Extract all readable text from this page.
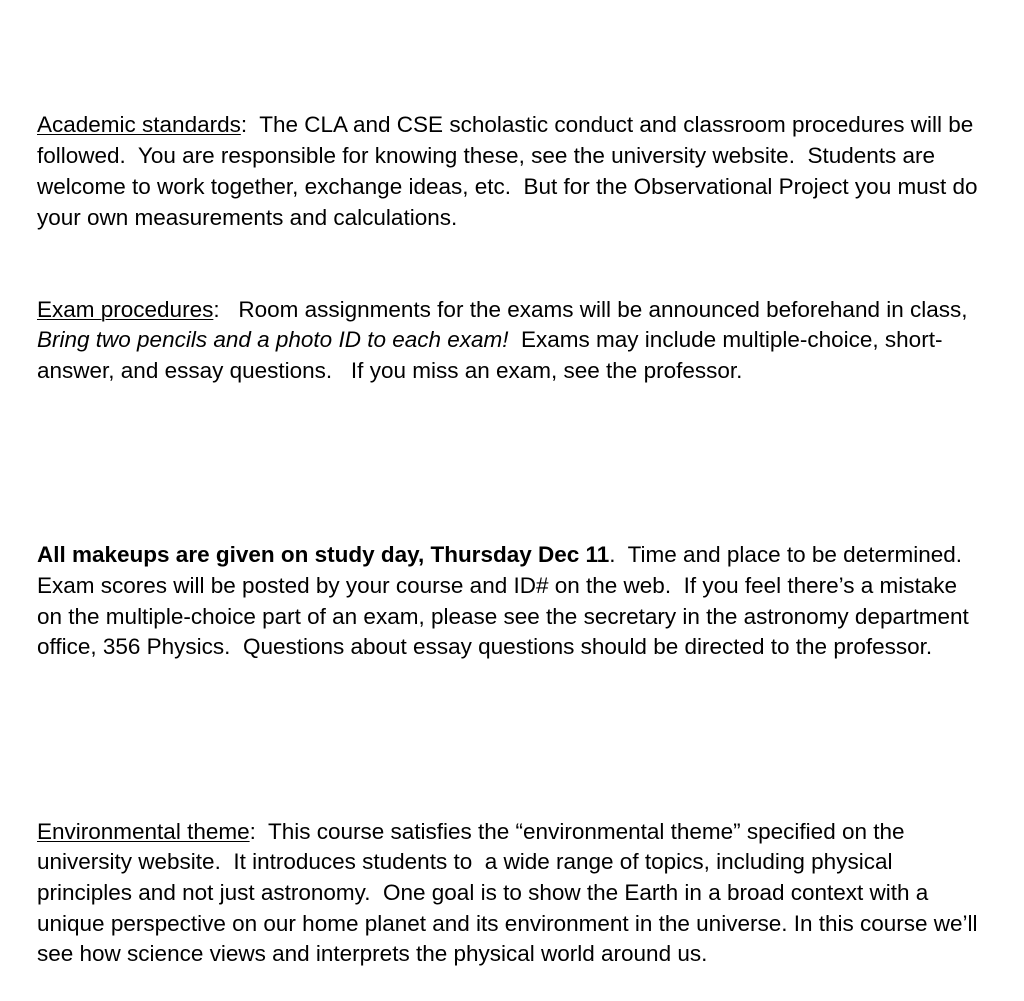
Academic standards:  The CLA and CSE scholastic conduct and classroom procedures will be followed.  You are responsible for knowing these, see the university website.  Students are welcome to work together, exchange ideas, etc.  But for the Observational Project you must do your own measurements and calculations.

Exam procedures:   Room assignments for the exams will be announced beforehand in class, Bring two pencils and a photo ID to each exam!  Exams may include multiple-choice, short- answer, and essay questions.   If you miss an exam, see the professor.

All makeups are given on study day, Thursday Dec 11.  Time and place to be determined. Exam scores will be posted by your course and ID# on the web.  If you feel there’s a mistake on the multiple-choice part of an exam, please see the secretary in the astronomy department office, 356 Physics.  Questions about essay questions should be directed to the professor.

Environmental theme:  This course satisfies the “environmental theme” specified on the university website.  It introduces students to  a wide range of topics, including physical principles and not just astronomy.  One goal is to show the Earth in a broad context with a unique perspective on our home planet and its environment in the universe. In this course we’ll see how science views and interprets the physical world around us.
